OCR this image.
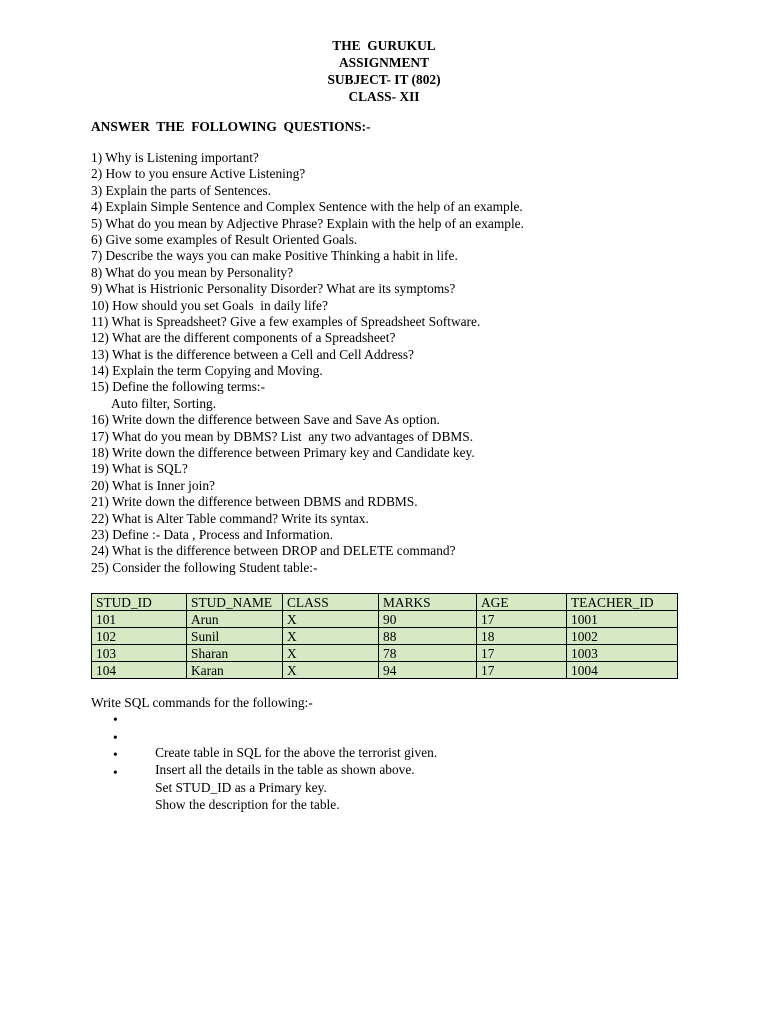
THE  GURUKUL
ASSIGNMENT
SUBJECT- IT (802)
CLASS- XII
ANSWER  THE  FOLLOWING  QUESTIONS:-
1) Why is Listening important?
2) How to you ensure Active Listening?
3) Explain the parts of Sentences.
4) Explain Simple Sentence and Complex Sentence with the help of an example.
5) What do you mean by Adjective Phrase? Explain with the help of an example.
6) Give some examples of Result Oriented Goals.
7) Describe the ways you can make Positive Thinking a habit in life.
8) What do you mean by Personality?
9) What is Histrionic Personality Disorder? What are its symptoms?
10) How should you set Goals  in daily life?
11) What is Spreadsheet? Give a few examples of Spreadsheet Software.
12) What are the different components of a Spreadsheet?
13) What is the difference between a Cell and Cell Address?
14) Explain the term Copying and Moving.
15) Define the following terms:-
Auto filter, Sorting.
16) Write down the difference between Save and Save As option.
17) What do you mean by DBMS? List  any two advantages of DBMS.
18) Write down the difference between Primary key and Candidate key.
19) What is SQL?
20) What is Inner join?
21) Write down the difference between DBMS and RDBMS.
22) What is Alter Table command? Write its syntax.
23) Define :- Data , Process and Information.
24) What is the difference between DROP and DELETE command?
25) Consider the following Student table:-
STUD_ID	STUD_NAME	CLASS	MARKS	AGE	TEACHER_ID
101	Arun	X	90	17	1001
102	Sunil	X	88	18	1002
103	Sharan	X	78	17	1003
104	Karan	X	94	17	1004
Write SQL commands for the following:-

•

Create table in SQL for the above the terrorist given.

•

Insert all the details in the table as shown above.

•

Set STUD_ID as a Primary key.

•

Show the description for the table.
